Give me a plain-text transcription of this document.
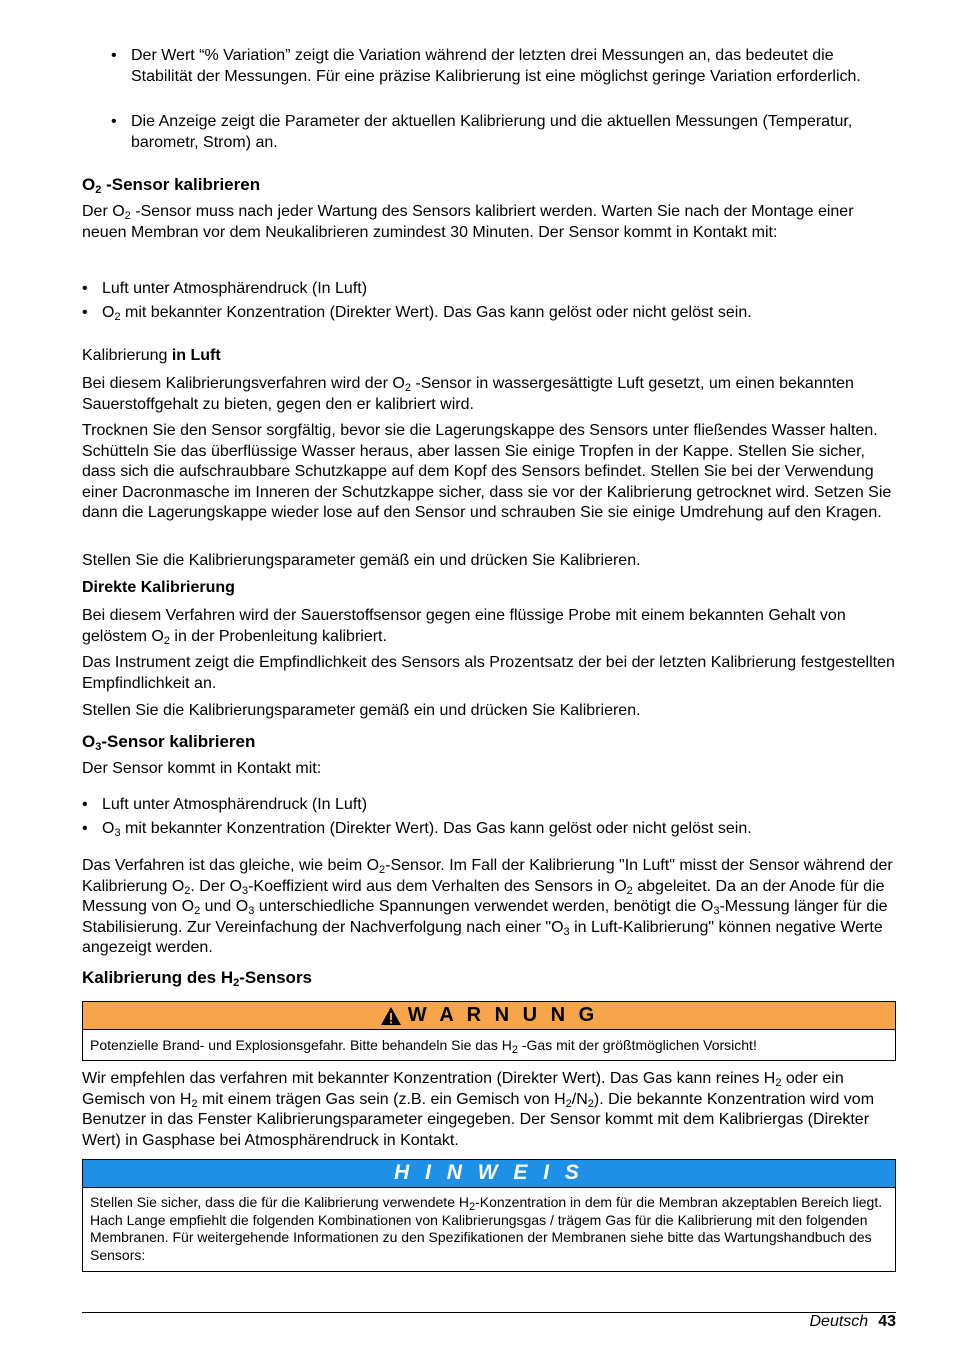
• Der Wert “% Variation” zeigt die Variation während der letzten drei Messungen an, das bedeutet die Stabilität der Messungen. Für eine präzise Kalibrierung ist eine möglichst geringe Variation erforderlich.
• Die Anzeige zeigt die Parameter der aktuellen Kalibrierung und die aktuellen Messungen (Temperatur, barometr, Strom) an.

$O_2$ -Sensor kalibrieren

Der $O_2$ -Sensor muss nach jeder Wartung des Sensors kalibriert werden. Warten Sie nach der Montage einer neuen Membran vor dem Neukalibrieren zumindest 30 Minuten. Der Sensor kommt in Kontakt mit:

• Luft unter Atmosphärendruck (In Luft)
• $O_2$ mit bekannter Konzentration (Direkter Wert). Das Gas kann gelöst oder nicht gelöst sein.

Kalibrierung in Luft

Bei diesem Kalibrierungsverfahren wird der $O_2$ -Sensor in wassergesättigte Luft gesetzt, um einen bekannten Sauerstoffgehalt zu bieten, gegen den er kalibriert wird.

Trocknen Sie den Sensor sorgfältig, bevor sie die Lagerungskappe des Sensors unter fließendes Wasser halten. Schütteln Sie das überflüssige Wasser heraus, aber lassen Sie einige Tropfen in der Kappe. Stellen Sie sicher, dass sich die aufschraubbare Schutzkappe auf dem Kopf des Sensors befindet. Stellen Sie bei der Verwendung einer Dacronmasche im Inneren der Schutzkappe sicher, dass sie vor der Kalibrierung getrocknet wird. Setzen Sie dann die Lagerungskappe wieder lose auf den Sensor und schrauben Sie sie einige Umdrehung auf den Kragen.

Stellen Sie die Kalibrierungsparameter gemäß ein und drücken Sie Kalibrieren.

Direkte Kalibrierung

Bei diesem Verfahren wird der Sauerstoffsensor gegen eine flüssige Probe mit einem bekannten Gehalt von gelöstem $O_2$ in der Probenleitung kalibriert.

Das Instrument zeigt die Empfindlichkeit des Sensors als Prozentsatz der bei der letzten Kalibrierung festgestellten Empfindlichkeit an.

Stellen Sie die Kalibrierungsparameter gemäß ein und drücken Sie Kalibrieren.

$O_3$-Sensor kalibrieren

Der Sensor kommt in Kontakt mit:

• Luft unter Atmosphärendruck (In Luft)
• $O_3$ mit bekannter Konzentration (Direkter Wert). Das Gas kann gelöst oder nicht gelöst sein.

Das Verfahren ist das gleiche, wie beim $O_2$-Sensor. Im Fall der Kalibrierung "In Luft" misst der Sensor während der Kalibrierung $O_2$. Der $O_3$-Koeffizient wird aus dem Verhalten des Sensors in $O_2$ abgeleitet. Da an der Anode für die Messung von $O_2$ und $O_3$ unterschiedliche Spannungen verwendet werden, benötigt die $O_3$-Messung länger für die Stabilisierung. Zur Vereinfachung der Nachverfolgung nach einer "$O_3$ in Luft-Kalibrierung" können negative Werte angezeigt werden.

Kalibrierung des $H_2$-Sensors

W A R N U N G
Potenzielle Brand- und Explosionsgefahr. Bitte behandeln Sie das $H_2$ -Gas mit der größtmöglichen Vorsicht!

Wir empfehlen das verfahren mit bekannter Konzentration (Direkter Wert). Das Gas kann reines $H_2$ oder ein Gemisch von $H_2$ mit einem trägen Gas sein (z.B. ein Gemisch von $H_2/N_2$). Die bekannte Konzentration wird vom Benutzer in das Fenster Kalibrierungsparameter eingegeben. Der Sensor kommt mit dem Kalibriergas (Direkter Wert) in Gasphase bei Atmosphärendruck in Kontakt.

H I N W E I S
Stellen Sie sicher, dass die für die Kalibrierung verwendete $H_2$-Konzentration in dem für die Membran akzeptablen Bereich liegt. Hach Lange empfiehlt die folgenden Kombinationen von Kalibrierungsgas / trägem Gas für die Kalibrierung mit den folgenden Membranen. Für weitergehende Informationen zu den Spezifikationen der Membranen siehe bitte das Wartungshandbuch des Sensors:
Deutsch 43
